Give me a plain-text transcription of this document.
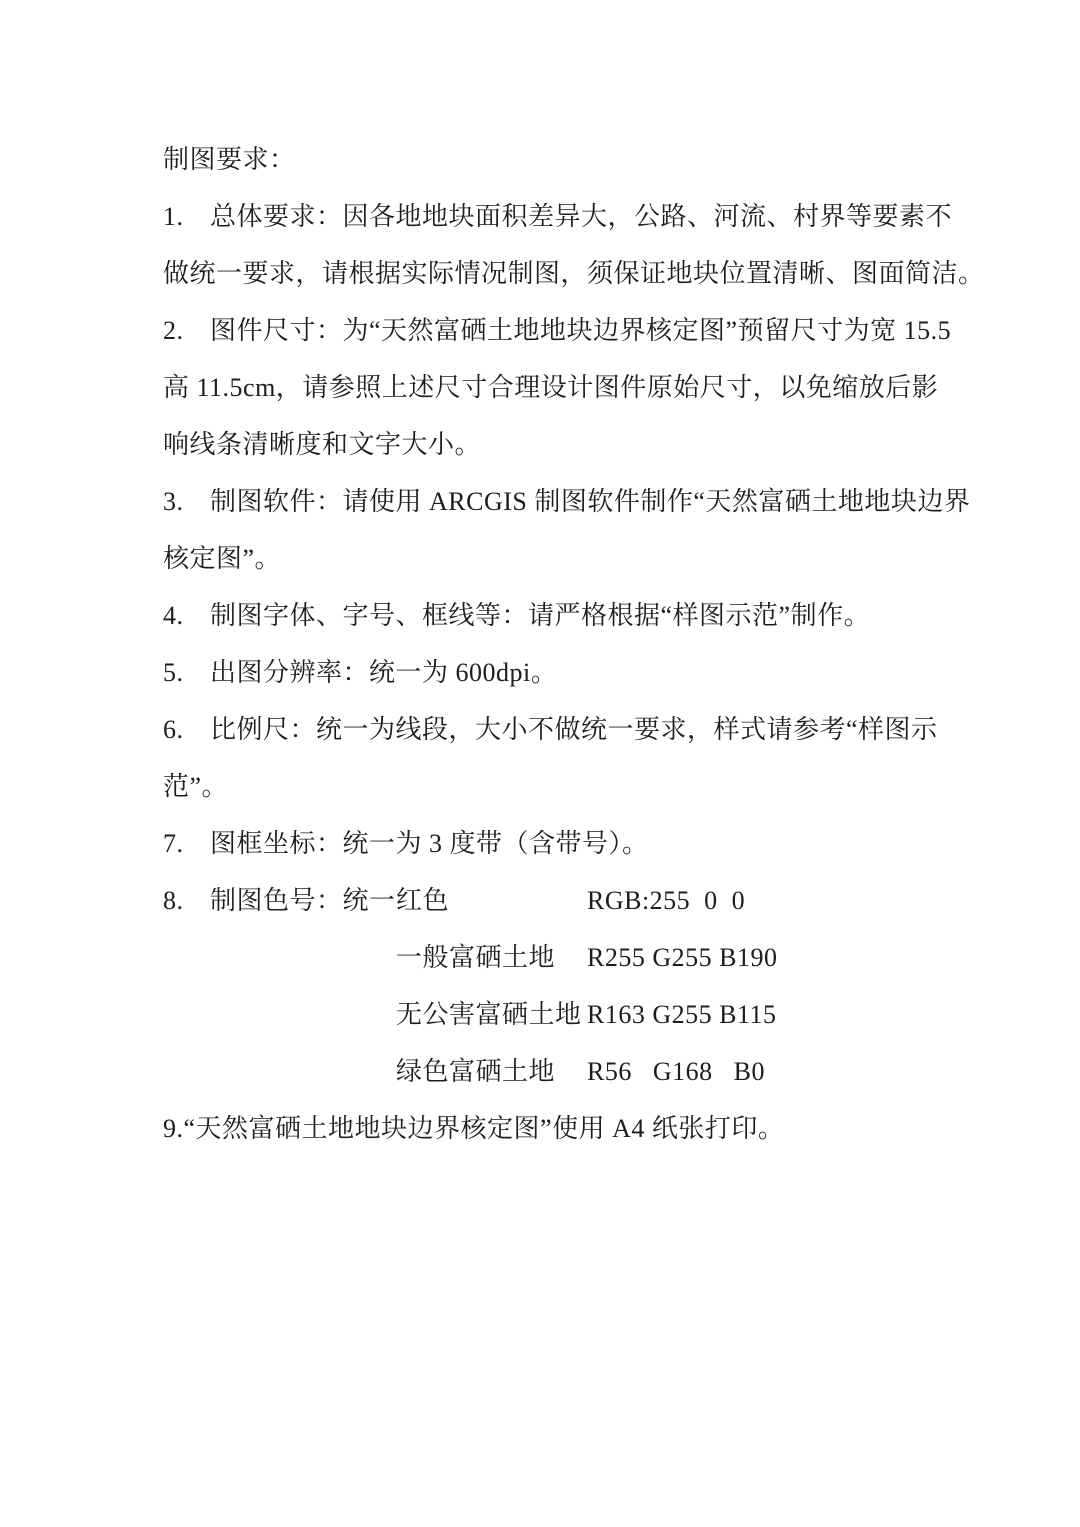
制图要求：
1.　总体要求：因各地地块面积差异大，公路、河流、村界等要素不
做统一要求，请根据实际情况制图，须保证地块位置清晰、图面简洁。
2.　图件尺寸：为“天然富硒土地地块边界核定图”预留尺寸为宽 15.5
高 11.5cm，请参照上述尺寸合理设计图件原始尺寸，以免缩放后影
响线条清晰度和文字大小。
3.　制图软件：请使用 ARCGIS 制图软件制作“天然富硒土地地块边界
核定图”。
4.　制图字体、字号、框线等：请严格根据“样图示范”制作。
5.　出图分辨率：统一为 600dpi。
6.　比例尺：统一为线段，大小不做统一要求，样式请参考“样图示
范”。
7.　图框坐标：统一为 3 度带（含带号）。

8.　制图色号：统一

红色

	RGB:255  0  0

一般富硒土地

R255 G255 B190

无公害富硒土地

R163 G255 B115

绿色富硒土地

R56   G168   B0

9.“天然富硒土地地块边界核定图”使用 A4 纸张打印。
